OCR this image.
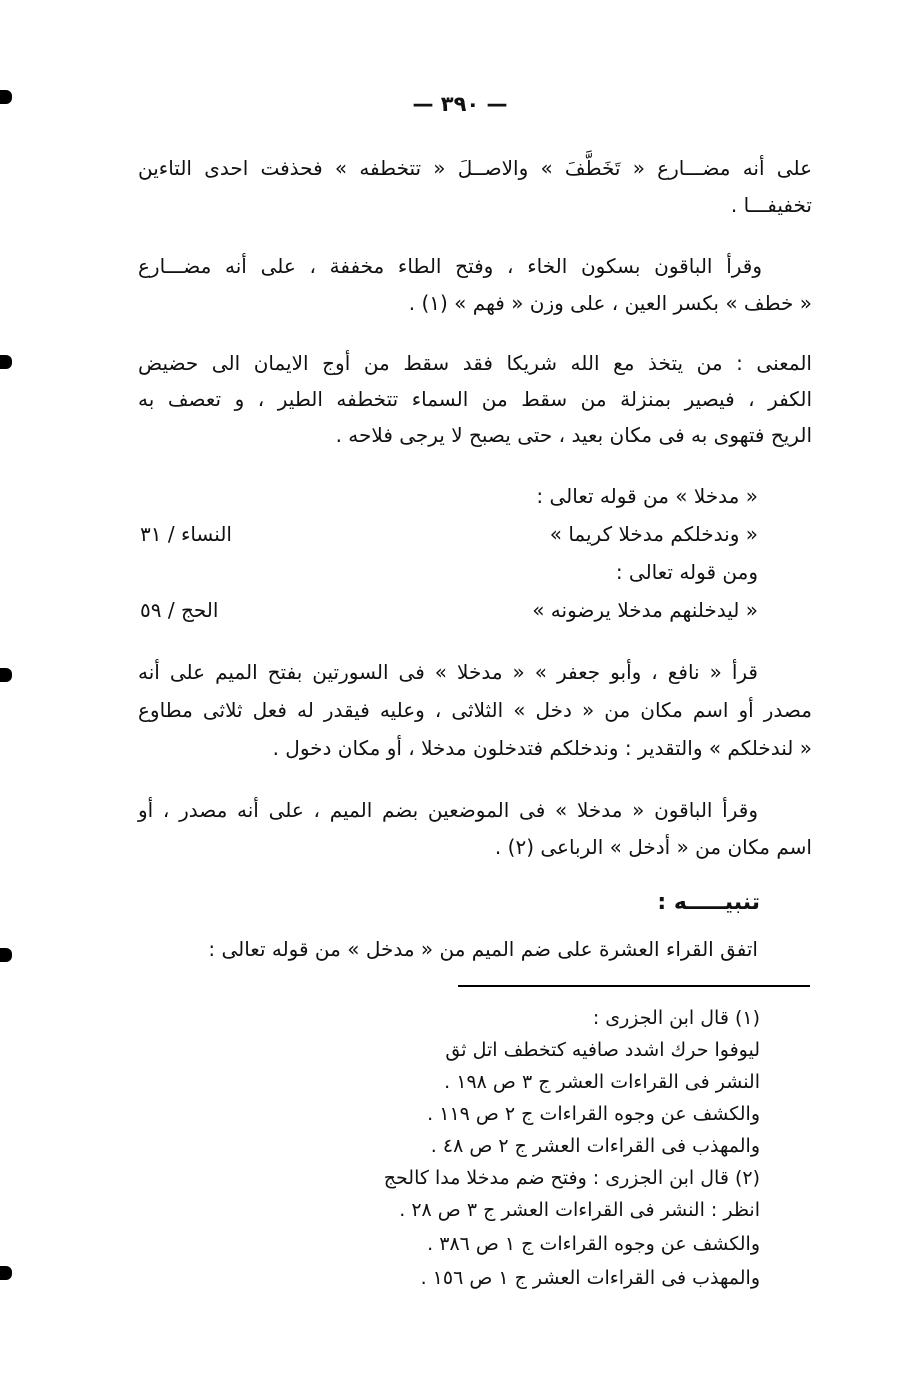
— ٣٩٠ —
على أنه مضـــارع « تَخَطَّفَ » والاصــلَ « تتخطفه » فحذفت احدى التاءين
تخفيفـــا .
وقرأ الباقون بسكون الخاء ، وفتح الطاء مخففة ، على أنه مضـــارع
« خطف » بكسر العين ، على وزن « فهم » (١) .
المعنى : من يتخذ مع الله شريكا فقد سقط من أوج الايمان الى حضيض
الكفر ، فيصير بمنزلة من سقط من السماء تتخطفه الطير ، و تعصف به
الريح فتهوى به فى مكان بعيد ، حتى يصبح لا يرجى فلاحه .
« مدخلا » من قوله تعالى :
« وندخلكم مدخلا كريما »
النساء / ٣١
ومن قوله تعالى :
« ليدخلنهم مدخلا يرضونه »
الحج / ٥٩
قرأ « نافع ، وأبو جعفر » « مدخلا » فى السورتين بفتح الميم على أنه
مصدر أو اسم مكان من « دخل » الثلاثى ، وعليه فيقدر له فعل ثلاثى مطاوع
« لندخلكم » والتقدير : وندخلكم فتدخلون مدخلا ، أو مكان دخول .
وقرأ الباقون « مدخلا » فى الموضعين بضم الميم ، على أنه مصدر ، أو
اسم مكان من « أدخل » الرباعى (٢) .
تنبيـــــه :
اتفق القراء العشرة على ضم الميم من « مدخل » من قوله تعالى :
(١) قال ابن الجزرى :
ليوفوا حرك اشدد صافيه كتخطف اتل ثق
النشر فى القراءات العشر ج ٣ ص ١٩٨ .
والكشف عن وجوه القراءات ج ٢ ص ١١٩ .
والمهذب فى القراءات العشر ج ٢ ص ٤٨ .
(٢) قال ابن الجزرى : وفتح ضم مدخلا مدا كالحج
انظر : النشر فى القراءات العشر ج ٣ ص ٢٨ .
والكشف عن وجوه القراءات ج ١ ص ٣٨٦ .
والمهذب فى القراءات العشر ج ١ ص ١٥٦ .
